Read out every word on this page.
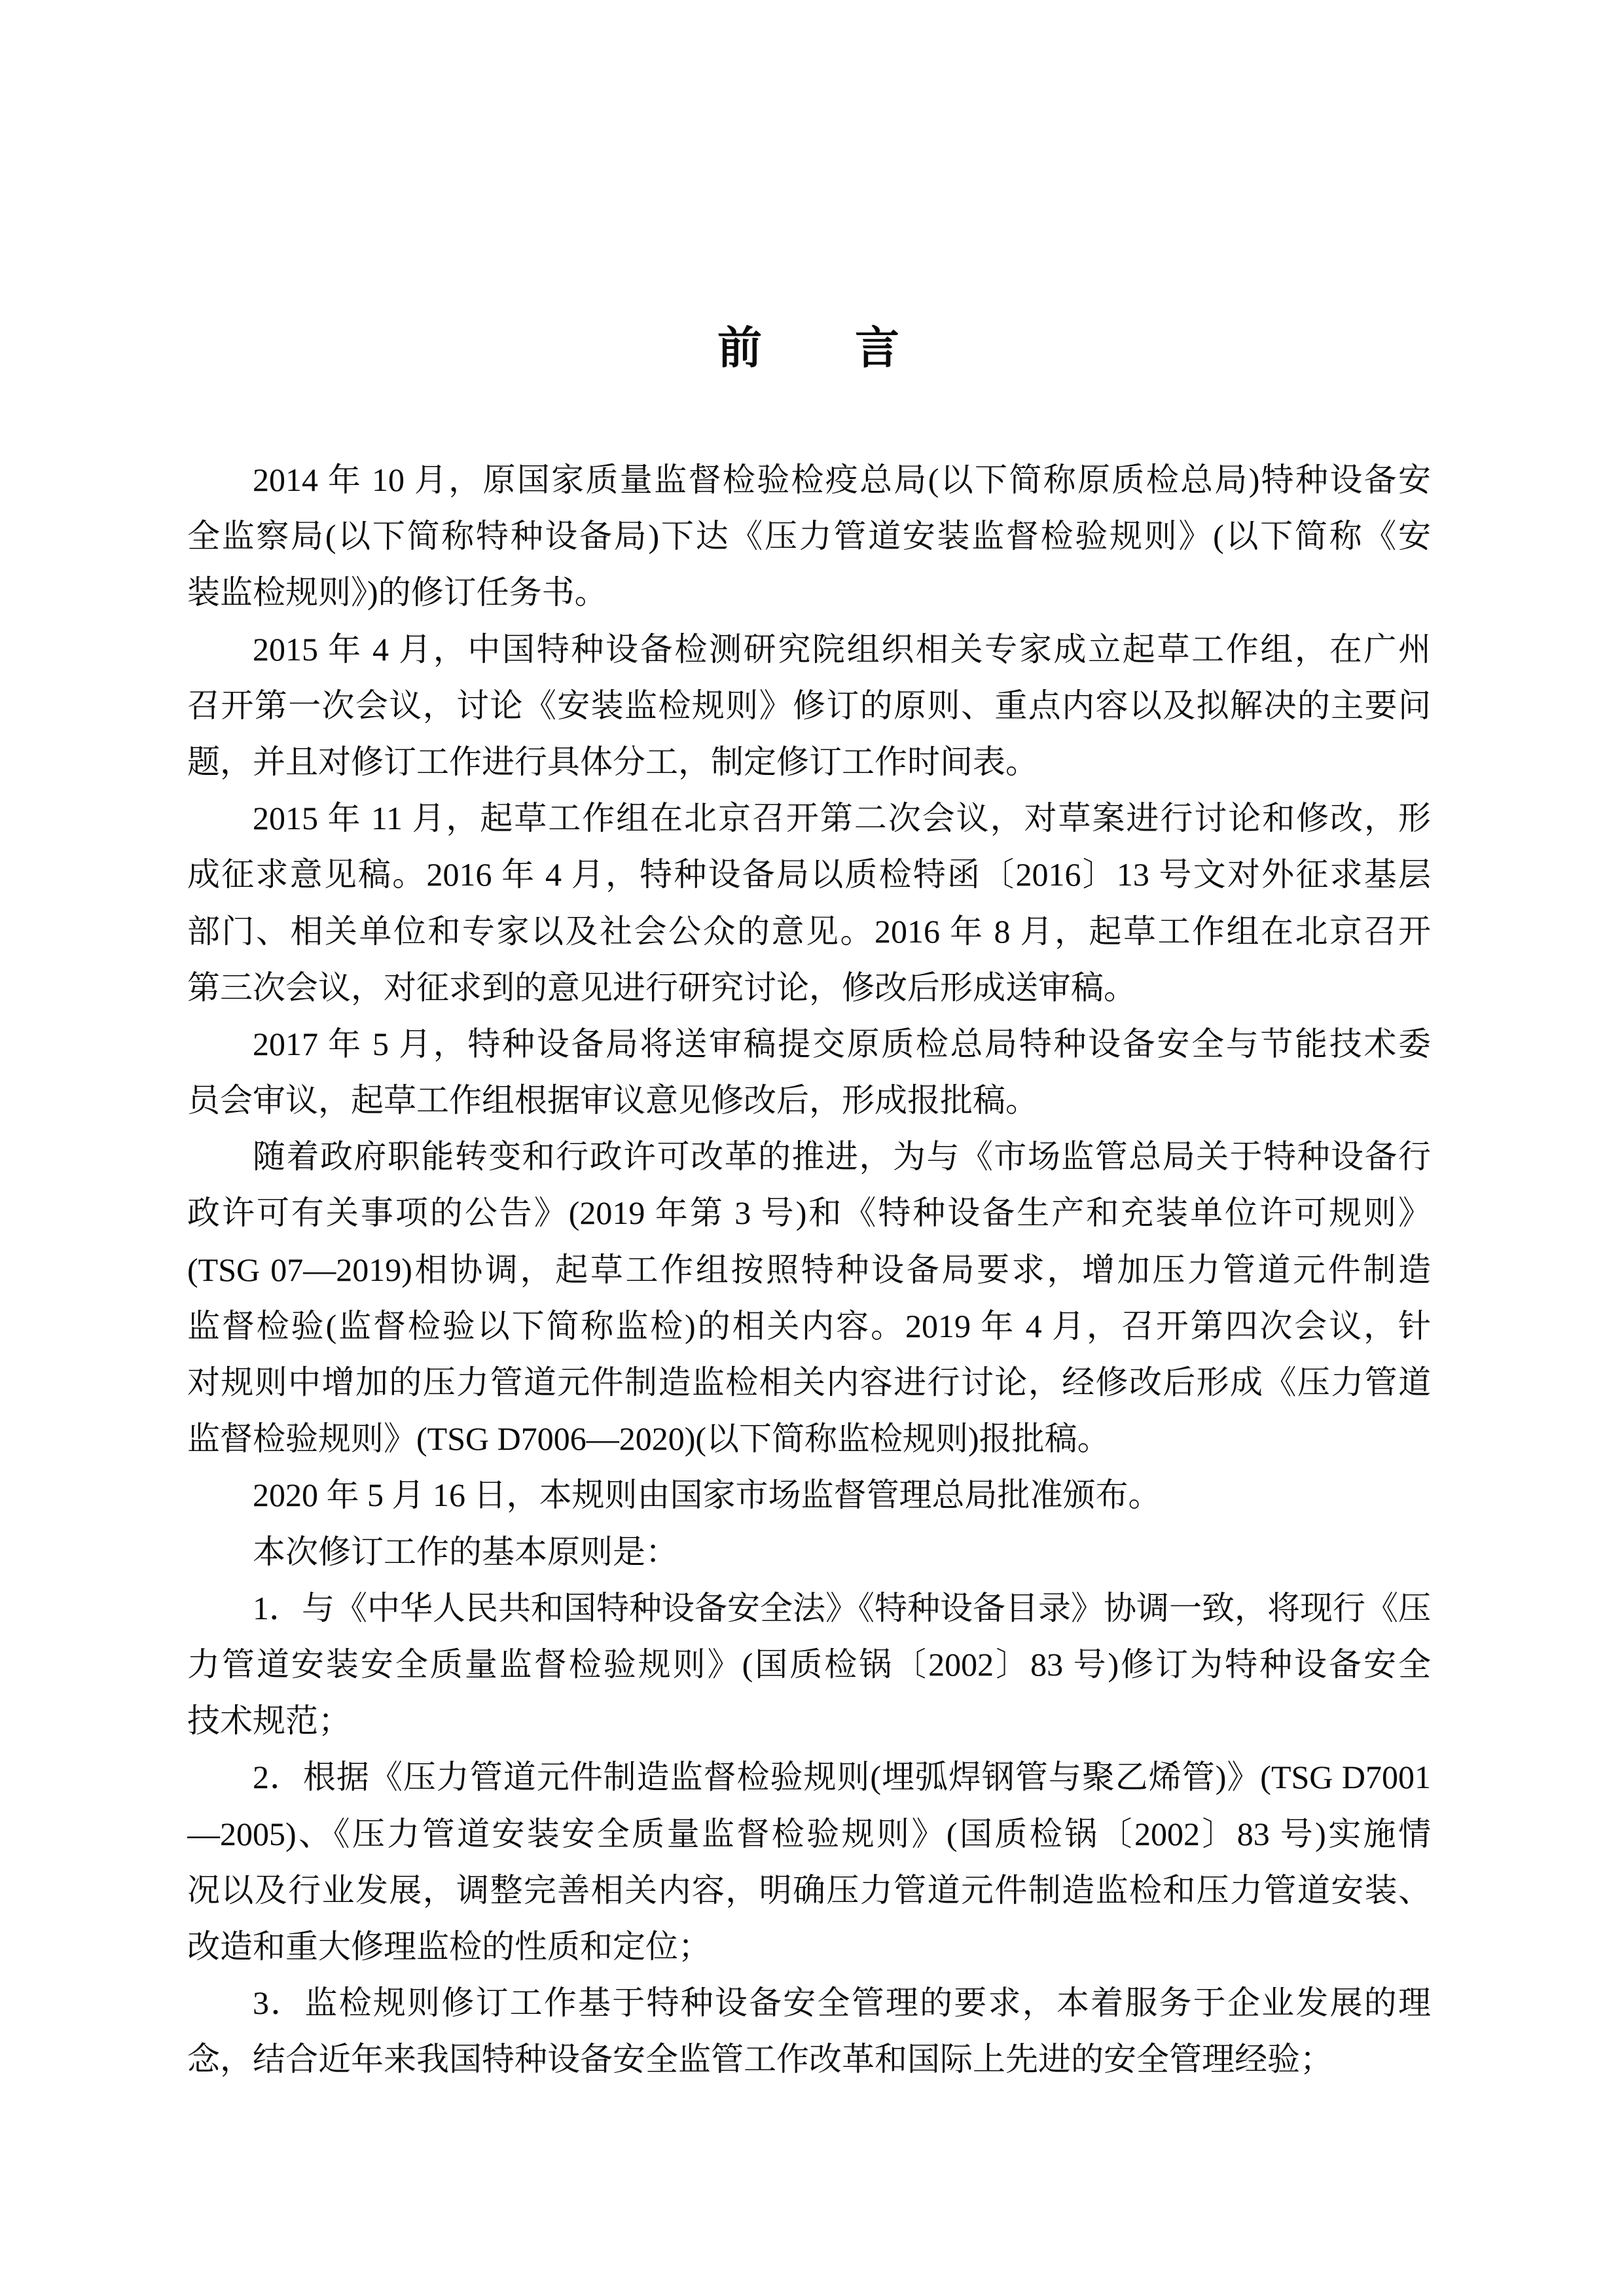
前　　言
2014 年 10 月，原国家质量监督检验检疫总局(以下简称原质检总局)特种设备安
全监察局(以下简称特种设备局)下达《压力管道安装监督检验规则》(以下简称《安
装监检规则》)的修订任务书。
2015 年 4 月，中国特种设备检测研究院组织相关专家成立起草工作组，在广州
召开第一次会议，讨论《安装监检规则》修订的原则、重点内容以及拟解决的主要问
题，并且对修订工作进行具体分工，制定修订工作时间表。
2015 年 11 月，起草工作组在北京召开第二次会议，对草案进行讨论和修改，形
成征求意见稿。2016 年 4 月，特种设备局以质检特函〔2016〕13 号文对外征求基层
部门、相关单位和专家以及社会公众的意见。2016 年 8 月，起草工作组在北京召开
第三次会议，对征求到的意见进行研究讨论，修改后形成送审稿。
2017 年 5 月，特种设备局将送审稿提交原质检总局特种设备安全与节能技术委
员会审议，起草工作组根据审议意见修改后，形成报批稿。
随着政府职能转变和行政许可改革的推进，为与《市场监管总局关于特种设备行
政许可有关事项的公告》(2019 年第 3 号)和《特种设备生产和充装单位许可规则》
(TSG 07—2019)相协调，起草工作组按照特种设备局要求，增加压力管道元件制造
监督检验(监督检验以下简称监检)的相关内容。2019 年 4 月，召开第四次会议，针
对规则中增加的压力管道元件制造监检相关内容进行讨论，经修改后形成《压力管道
监督检验规则》(TSG D7006—2020)(以下简称监检规则)报批稿。
2020 年 5 月 16 日，本规则由国家市场监督管理总局批准颁布。
本次修订工作的基本原则是：
1．与《中华人民共和国特种设备安全法》《特种设备目录》协调一致，将现行《压
力管道安装安全质量监督检验规则》(国质检锅〔2002〕83 号)修订为特种设备安全
技术规范；
2．根据《压力管道元件制造监督检验规则(埋弧焊钢管与聚乙烯管)》(TSG D7001
—2005)、《压力管道安装安全质量监督检验规则》(国质检锅〔2002〕83 号)实施情
况以及行业发展，调整完善相关内容，明确压力管道元件制造监检和压力管道安装、
改造和重大修理监检的性质和定位；
3．监检规则修订工作基于特种设备安全管理的要求，本着服务于企业发展的理
念，结合近年来我国特种设备安全监管工作改革和国际上先进的安全管理经验；
